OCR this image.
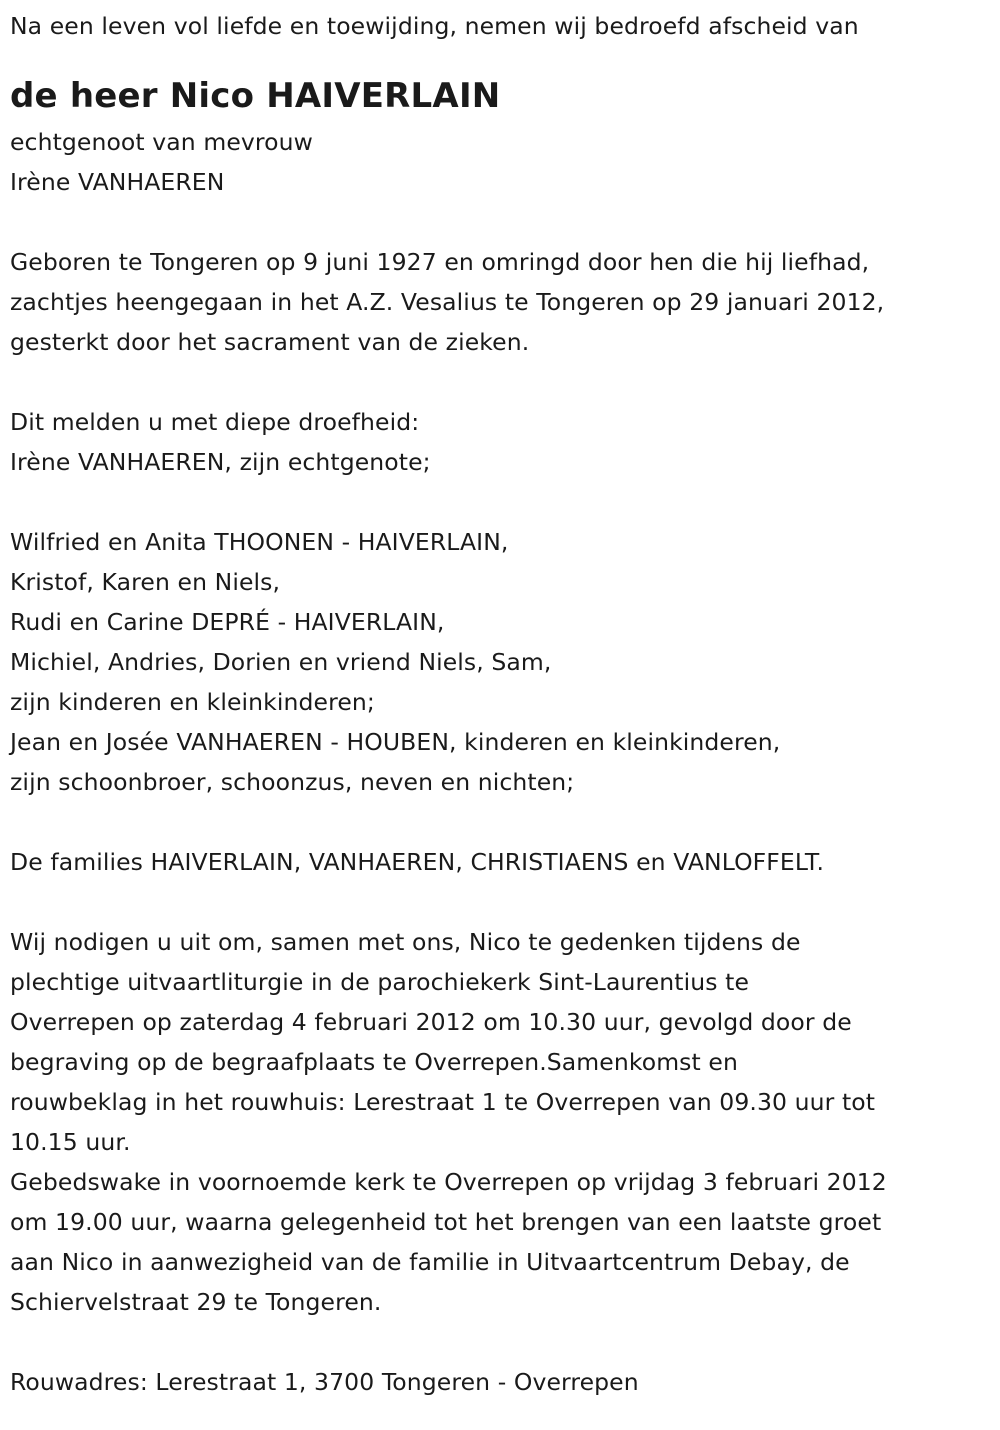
Na een leven vol liefde en toewijding, nemen wij bedroefd afscheid van
de heer Nico HAIVERLAIN
echtgenoot van mevrouw
Irène VANHAEREN
Geboren te Tongeren op 9 juni 1927 en omringd door hen die hij liefhad,
zachtjes heengegaan in het A.Z. Vesalius te Tongeren op 29 januari 2012,
gesterkt door het sacrament van de zieken.
Dit melden u met diepe droefheid:
Irène VANHAEREN, zijn echtgenote;
Wilfried en Anita THOONEN - HAIVERLAIN,
Kristof, Karen en Niels,
Rudi en Carine DEPRÉ - HAIVERLAIN,
Michiel, Andries, Dorien en vriend Niels, Sam,
zijn kinderen en kleinkinderen;
Jean en Josée VANHAEREN - HOUBEN, kinderen en kleinkinderen,
zijn schoonbroer, schoonzus, neven en nichten;
De families HAIVERLAIN, VANHAEREN, CHRISTIAENS en VANLOFFELT.
Wij nodigen u uit om, samen met ons, Nico te gedenken tijdens de
plechtige uitvaartliturgie in de parochiekerk Sint-Laurentius te
Overrepen op zaterdag 4 februari 2012 om 10.30 uur, gevolgd door de
begraving op de begraafplaats te Overrepen.Samenkomst en
rouwbeklag in het rouwhuis: Lerestraat 1 te Overrepen van 09.30 uur tot
10.15 uur.
Gebedswake in voornoemde kerk te Overrepen op vrijdag 3 februari 2012
om 19.00 uur, waarna gelegenheid tot het brengen van een laatste groet
aan Nico in aanwezigheid van de familie in Uitvaartcentrum Debay, de
Schiervelstraat 29 te Tongeren.
Rouwadres: Lerestraat 1, 3700 Tongeren - Overrepen
